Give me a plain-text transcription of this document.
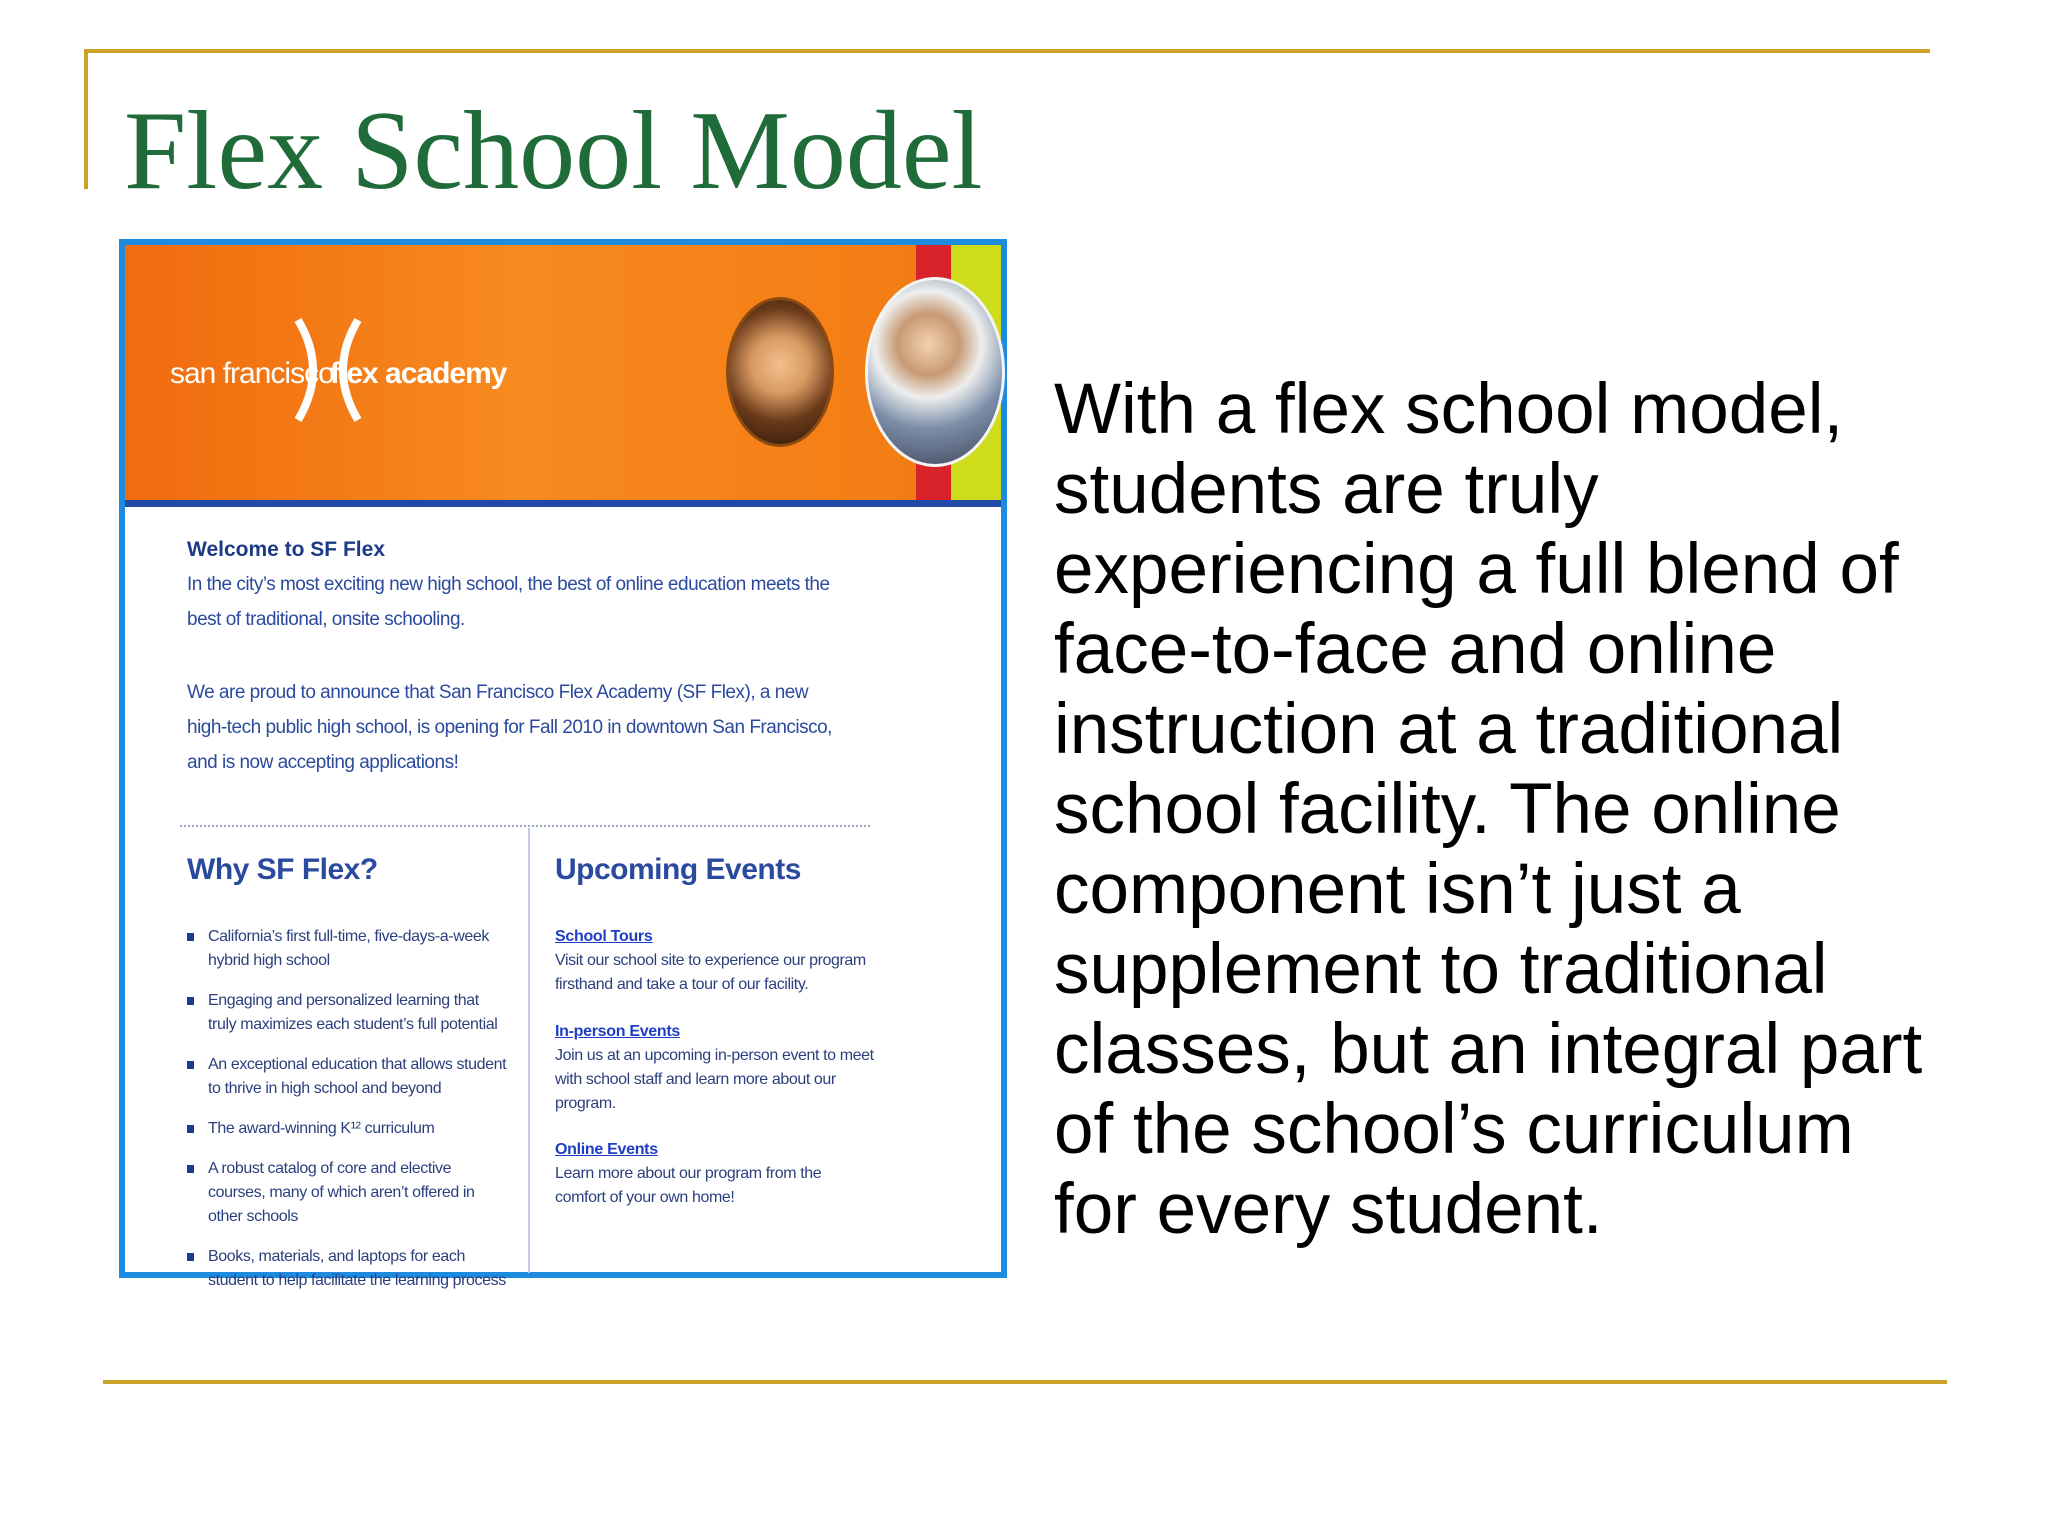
Flex School Model
san francisco
flex academy
Welcome to SF Flex
In the city’s most exciting new high school, the best of online education meets the best of traditional, onsite schooling.
We are proud to announce that San Francisco Flex Academy (SF Flex), a new high-tech public high school, is opening for Fall 2010 in downtown San Francisco, and is now accepting applications!
Why SF Flex?
California’s first full-time, five-days-a-week hybrid high school
Engaging and personalized learning that truly maximizes each student’s full potential
An exceptional education that allows student to thrive in high school and beyond
The award-winning K¹² curriculum
A robust catalog of core and elective courses, many of which aren’t offered in other schools
Books, materials, and laptops for each student to help facilitate the learning process
Upcoming Events
School Tours
Visit our school site to experience our program firsthand and take a tour of our facility.
In-person Events
Join us at an upcoming in-person event to meet with school staff and learn more about our program.
Online Events
Learn more about our program from the comfort of your own home!

With a flex school model, students are truly experiencing a full blend of face-to-face and online instruction at a traditional school facility. The online component isn’t just a supplement to traditional classes, but an integral part of the school’s curriculum for every student.
